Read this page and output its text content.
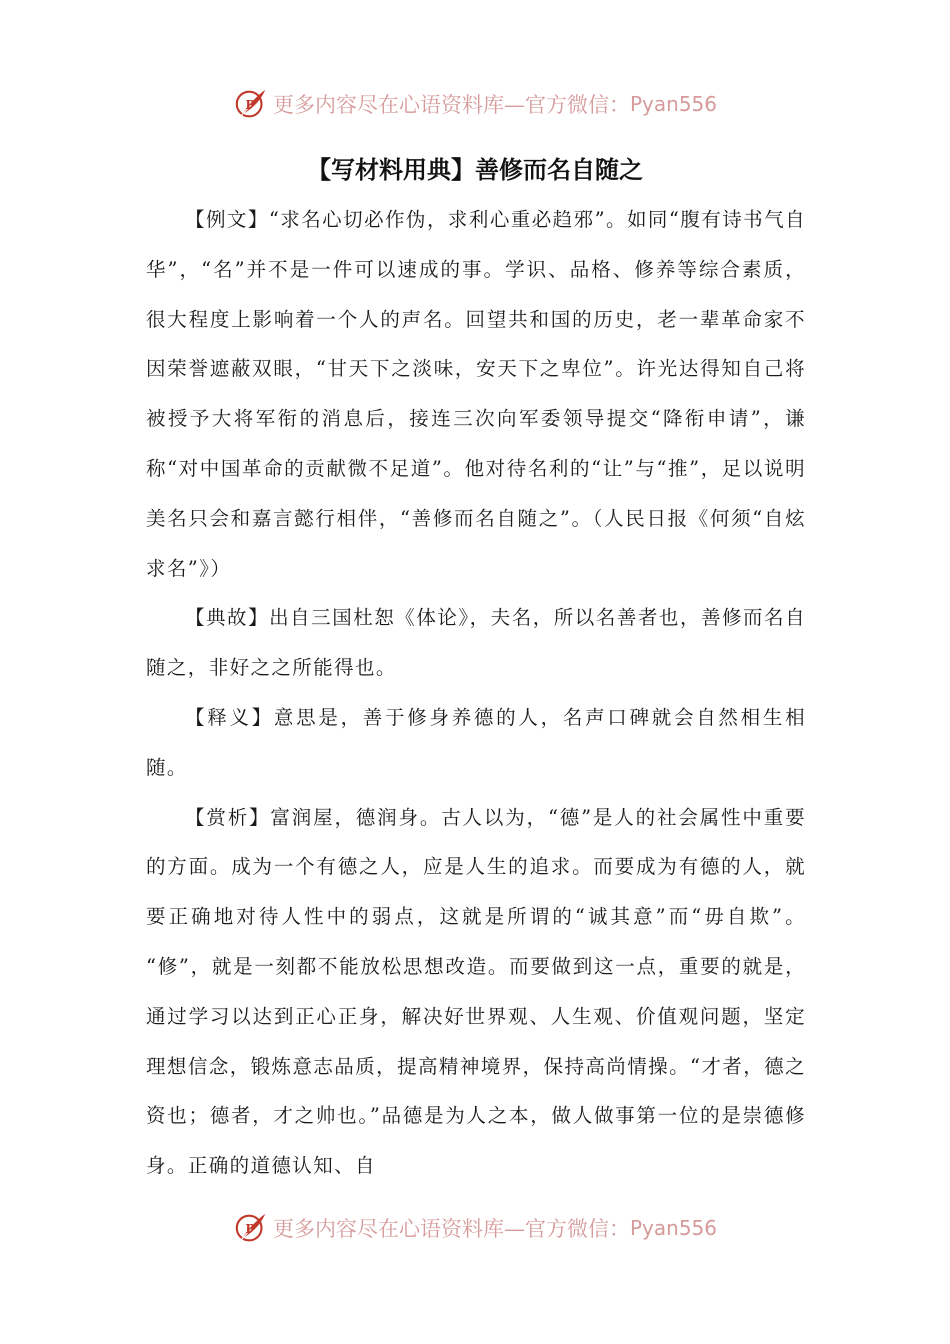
P 更多内容尽在心语资料库—官方微信： Pyan556
【写材料用典】善修而名自随之

【例文】“求名心切必作伪，求利心重必趋邪”。如同“腹有诗书气自华”，“名”并不是一件可以速成的事。学识、品格、修养等综合素质，很大程度上影响着一个人的声名。回望共和国的历史，老一辈革命家不因荣誉遮蔽双眼，“甘天下之淡味，安天下之卑位”。许光达得知自己将被授予大将军衔的消息后，接连三次向军委领导提交“降衔申请”，谦称“对中国革命的贡献微不足道”。他对待名利的“让”与“推”，足以说明美名只会和嘉言懿行相伴，“善修而名自随之”。（人民日报《何须“自炫求名”》）

【典故】出自三国杜恕《体论》，夫名，所以名善者也，善修而名自随之，非好之之所能得也。

【释义】意思是，善于修身养德的人，名声口碑就会自然相生相随。

【赏析】富润屋，德润身。古人以为，“德”是人的社会属性中重要的方面。成为一个有德之人，应是人生的追求。而要成为有德的人，就要正确地对待人性中的弱点，这就是所谓的“诚其意”而“毋自欺”。 “修”，就是一刻都不能放松思想改造。而要做到这一点，重要的就是，通过学习以达到正心正身，解决好世界观、人生观、价值观问题，坚定理想信念，锻炼意志品质，提高精神境界，保持高尚情操。“才者，德之资也；德者，才之帅也。”品德是为人之本，做人做事第一位的是崇德修身。正确的道德认知、自

P 更多内容尽在心语资料库—官方微信： Pyan556
